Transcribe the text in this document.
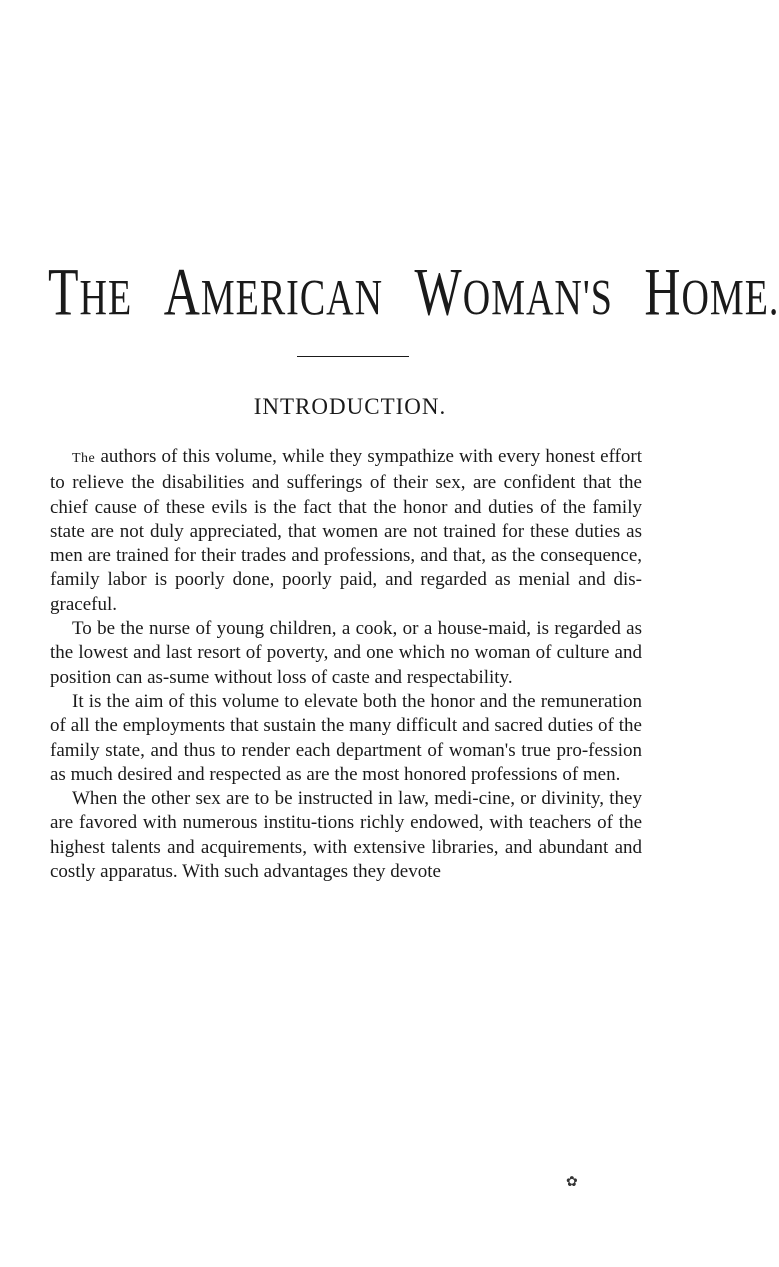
THE AMERICAN WOMAN'S HOME.
INTRODUCTION.

The authors of this volume, while they sympathize with every honest effort to relieve the disabilities and sufferings of their sex, are confident that the chief cause of these evils is the fact that the honor and duties of the family state are not duly appreciated, that women are not trained for these duties as men are trained for their trades and professions, and that, as the consequence, family labor is poorly done, poorly paid, and regarded as menial and dis-graceful.

To be the nurse of young children, a cook, or a house-maid, is regarded as the lowest and last resort of poverty, and one which no woman of culture and position can as-sume without loss of caste and respectability.

It is the aim of this volume to elevate both the honor and the remuneration of all the employments that sustain the many difficult and sacred duties of the family state, and thus to render each department of woman's true pro-fession as much desired and respected as are the most honored professions of men.

When the other sex are to be instructed in law, medi-cine, or divinity, they are favored with numerous institu-tions richly endowed, with teachers of the highest talents and acquirements, with extensive libraries, and abundant and costly apparatus. With such advantages they devote

✿
